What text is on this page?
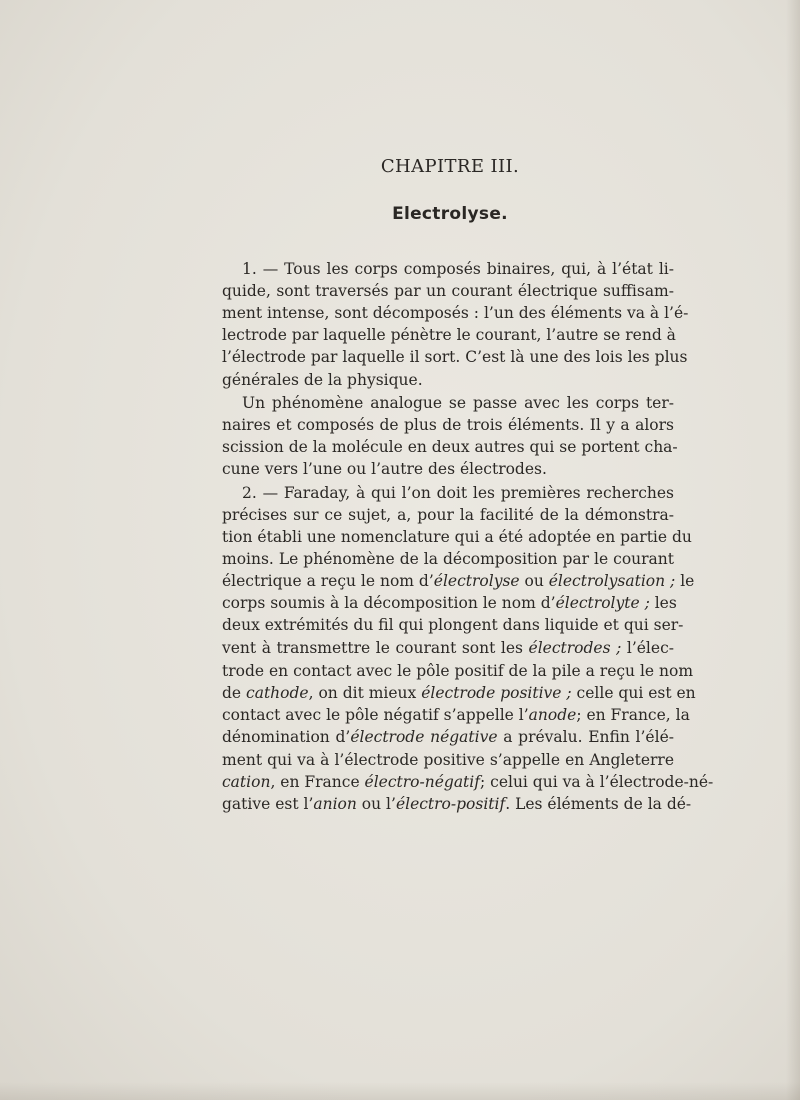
CHAPITRE III.
Electrolyse.
1. — Tous les corps composés binaires, qui, à l’état li-
quide, sont traversés par un courant électrique suffisam-
ment intense, sont décomposés : l’un des éléments va à l’é-
lectrode par laquelle pénètre le courant, l’autre se rend à
l’électrode par laquelle il sort. C’est là une des lois les plus
générales de la physique.
Un phénomène analogue se passe avec les corps ter-
naires et composés de plus de trois éléments. Il y a alors
scission de la molécule en deux autres qui se portent cha-
cune vers l’une ou l’autre des électrodes.
2. — Faraday, à qui l’on doit les premières recherches
précises sur ce sujet, a, pour la facilité de la démonstra-
tion établi une nomenclature qui a été adoptée en partie du
moins. Le phénomène de la décomposition par le courant
électrique a reçu le nom d’électrolyse ou électrolysation ; le
corps soumis à la décomposition le nom d’électrolyte ; les
deux extrémités du fil qui plongent dans liquide et qui ser-
vent à transmettre le courant sont les électrodes ; l’élec-
trode en contact avec le pôle positif de la pile a reçu le nom
de cathode, on dit mieux électrode positive ; celle qui est en
contact avec le pôle négatif s’appelle l’anode; en France, la
dénomination d’électrode négative a prévalu. Enfin l’élé-
ment qui va à l’électrode positive s’appelle en Angleterre
cation, en France électro-négatif; celui qui va à l’électrode-né-
gative est l’anion ou l’électro-positif. Les éléments de la dé-
